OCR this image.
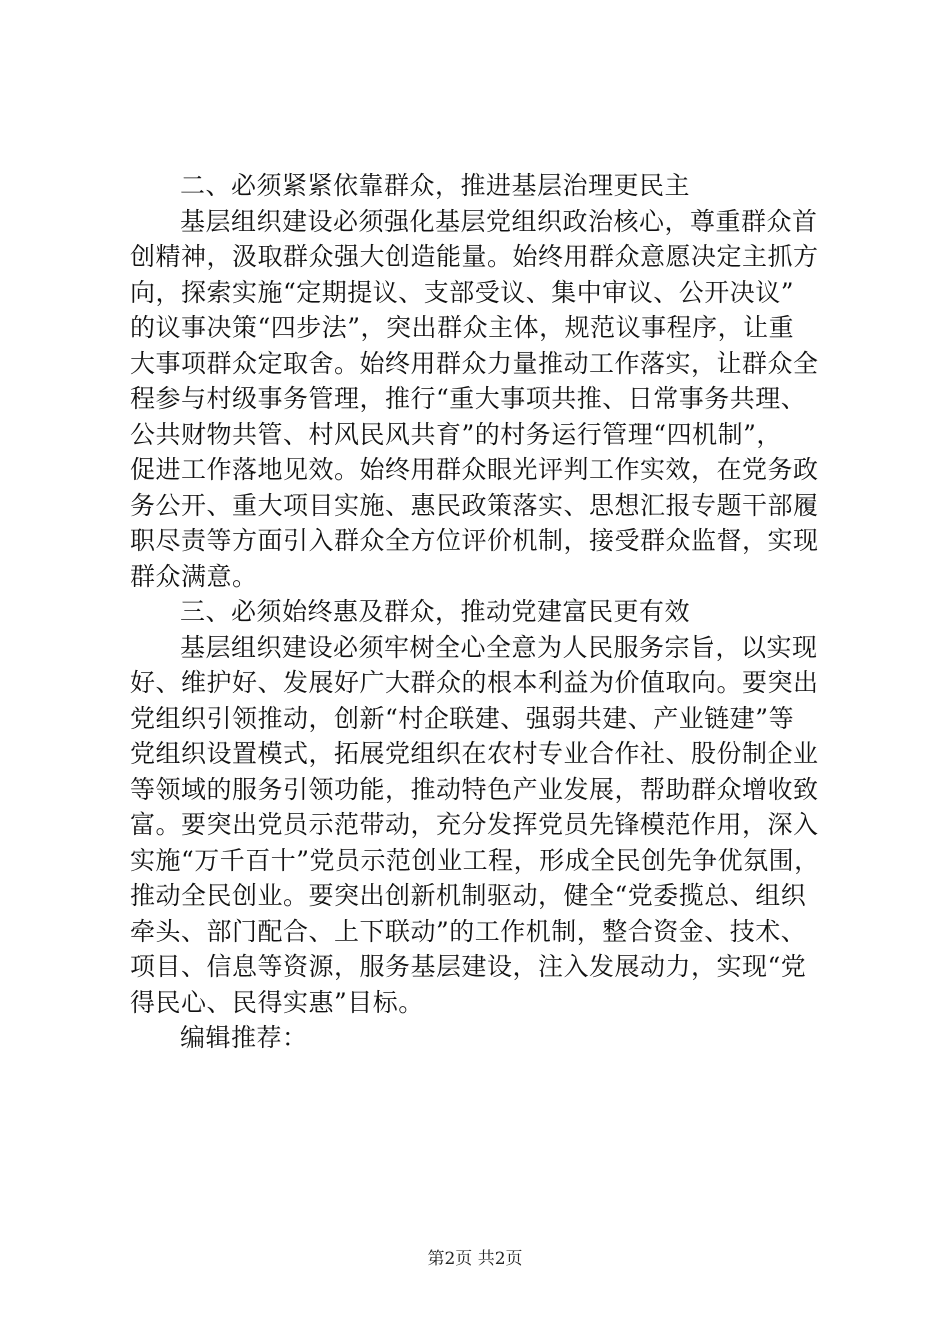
二、必须紧紧依靠群众，推进基层治理更民主
基层组织建设必须强化基层党组织政治核心，尊重群众首
创精神，汲取群众强大创造能量。始终用群众意愿决定主抓方
向，探索实施“定期提议、支部受议、集中审议、公开决议”
的议事决策“四步法”，突出群众主体，规范议事程序，让重
大事项群众定取舍。始终用群众力量推动工作落实，让群众全
程参与村级事务管理，推行“重大事项共推、日常事务共理、
公共财物共管、村风民风共育”的村务运行管理“四机制”，
促进工作落地见效。始终用群众眼光评判工作实效，在党务政
务公开、重大项目实施、惠民政策落实、思想汇报专题干部履
职尽责等方面引入群众全方位评价机制，接受群众监督，实现
群众满意。
三、必须始终惠及群众，推动党建富民更有效
基层组织建设必须牢树全心全意为人民服务宗旨，以实现
好、维护好、发展好广大群众的根本利益为价值取向。要突出
党组织引领推动，创新“村企联建、强弱共建、产业链建”等
党组织设置模式，拓展党组织在农村专业合作社、股份制企业
等领域的服务引领功能，推动特色产业发展，帮助群众增收致
富。要突出党员示范带动，充分发挥党员先锋模范作用，深入
实施“万千百十”党员示范创业工程，形成全民创先争优氛围，
推动全民创业。要突出创新机制驱动，健全“党委揽总、组织
牵头、部门配合、上下联动”的工作机制，整合资金、技术、
项目、信息等资源，服务基层建设，注入发展动力，实现“党
得民心、民得实惠”目标。
编辑推荐：
第2页 共2页
